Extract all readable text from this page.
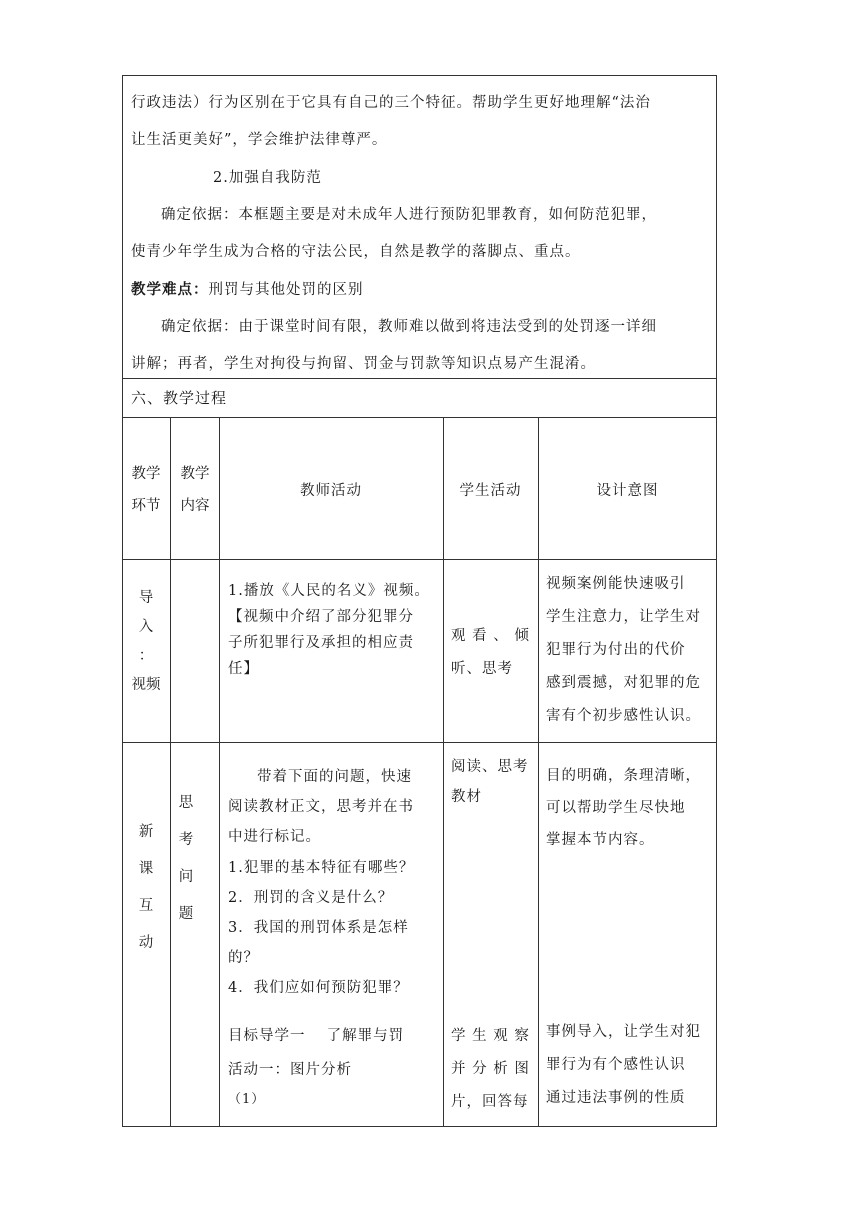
行政违法）行为区别在于它具有自己的三个特征。帮助学生更好地理解“法治
让生活更美好”，学会维护法律尊严。
2.加强自我防范
确定依据：本框题主要是对未成年人进行预防犯罪教育，如何防范犯罪，
使青少年学生成为合格的守法公民，自然是教学的落脚点、重点。
教学难点：刑罚与其他处罚的区别
确定依据：由于课堂时间有限，教师难以做到将违法受到的处罚逐一详细
讲解；再者，学生对拘役与拘留、罚金与罚款等知识点易产生混淆。
六、教学过程
教学
环节
教学
内容
教师活动	学生活动	设计意图
导
入
：
视频
1.播放《人民的名义》视频。
【视频中介绍了部分犯罪分
子所犯罪行及承担的相应责
任】
观 看 、 倾
听、思考
视频案例能快速吸引
学生注意力，让学生对
犯罪行为付出的代价
感到震撼，对犯罪的危
害有个初步感性认识。
新
课
互
动
思
考
问
题
带着下面的问题，快速
阅读教材正文，思考并在书
中进行标记。
1.犯罪的基本特征有哪些？
2．刑罚的含义是什么？
3．我国的刑罚体系是怎样
的？
4．我们应如何预防犯罪？
目标导学一　 了解罪与罚
活动一：图片分析
（1）
阅读、思考
教材
学 生 观 察
并 分 析 图
片，回答每
目的明确，条理清晰，
可以帮助学生尽快地
掌握本节内容。
事例导入，让学生对犯
罪行为有个感性认识
通过违法事例的性质
